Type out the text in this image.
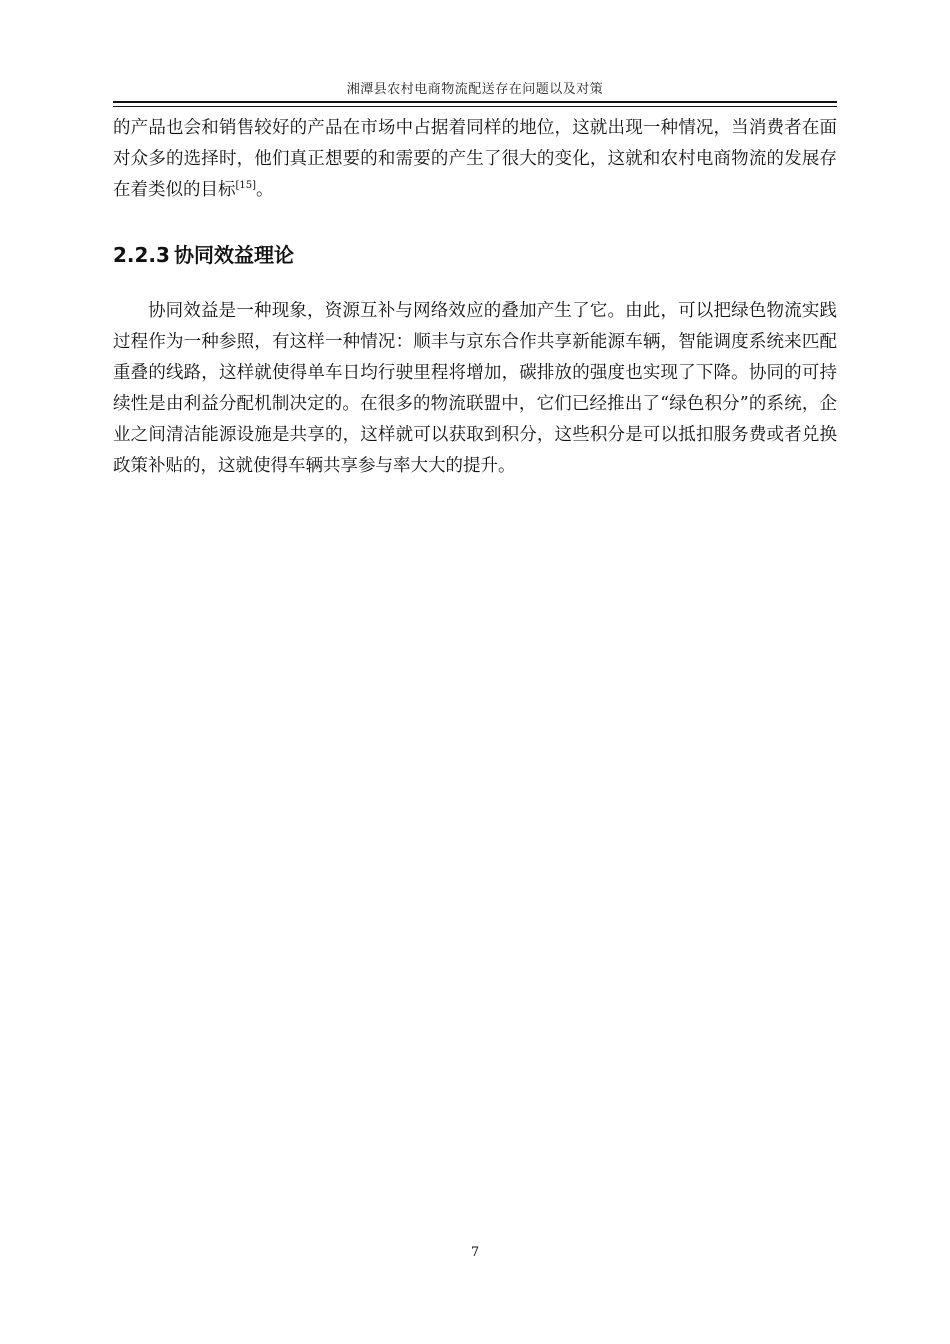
湘潭县农村电商物流配送存在问题以及对策

的产品也会和销售较好的产品在市场中占据着同样的地位，这就出现一种情况，当消费者在面对众多的选择时，他们真正想要的和需要的产生了很大的变化，这就和农村电商物流的发展存在着类似的目标[15]。

2.2.3 协同效益理论

协同效益是一种现象，资源互补与网络效应的叠加产生了它。由此，可以把绿色物流实践过程作为一种参照，有这样一种情况：顺丰与京东合作共享新能源车辆，智能调度系统来匹配重叠的线路，这样就使得单车日均行驶里程将增加，碳排放的强度也实现了下降。协同的可持续性是由利益分配机制决定的。在很多的物流联盟中，它们已经推出了“绿色积分”的系统，企业之间清洁能源设施是共享的，这样就可以获取到积分，这些积分是可以抵扣服务费或者兑换政策补贴的，这就使得车辆共享参与率大大的提升。

7
